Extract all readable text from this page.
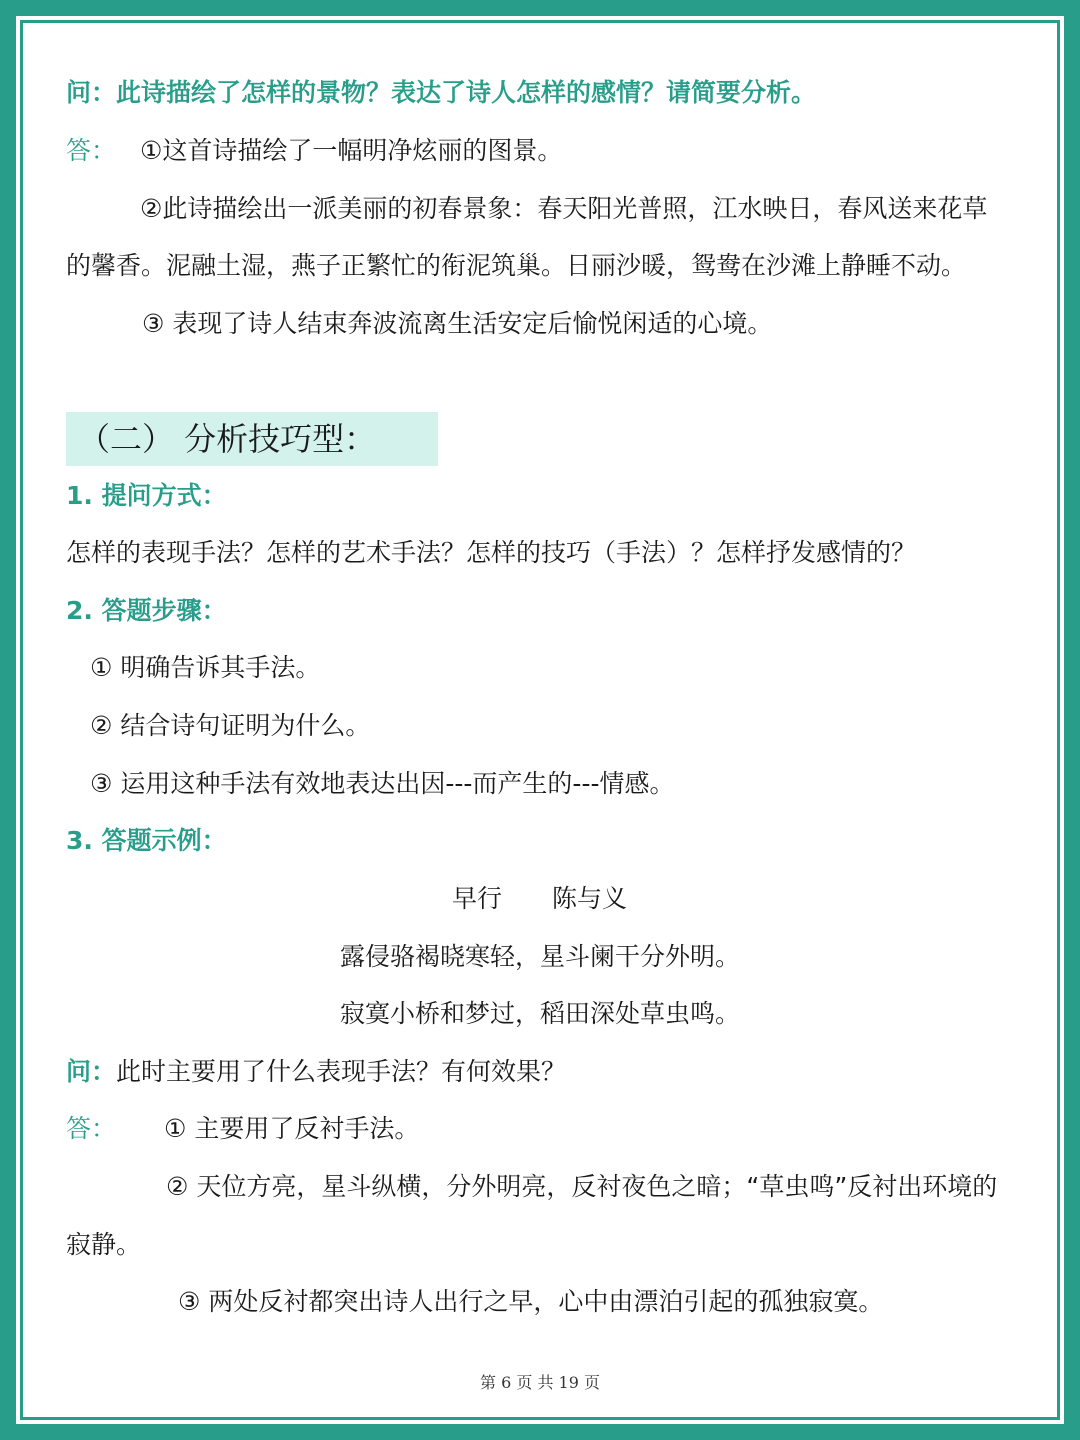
问：此诗描绘了怎样的景物？表达了诗人怎样的感情？请简要分析。
答： ①这首诗描绘了一幅明净炫丽的图景。
②此诗描绘出一派美丽的初春景象：春天阳光普照，江水映日，春风送来花草
的馨香。泥融土湿，燕子正繁忙的衔泥筑巢。日丽沙暖，鸳鸯在沙滩上静睡不动。
③ 表现了诗人结束奔波流离生活安定后愉悦闲适的心境。
（二） 分析技巧型：
1. 提问方式：
怎样的表现手法？怎样的艺术手法？怎样的技巧（手法）？怎样抒发感情的？
2. 答题步骤：
① 明确告诉其手法。
② 结合诗句证明为什么。
③ 运用这种手法有效地表达出因---而产生的---情感。
3. 答题示例：
早行 陈与义
露侵骆褐晓寒轻，星斗阑干分外明。
寂寞小桥和梦过，稻田深处草虫鸣。
问：此时主要用了什么表现手法？有何效果？
答： ① 主要用了反衬手法。
② 天位方亮，星斗纵横，分外明亮，反衬夜色之暗；“草虫鸣”反衬出环境的
寂静。
③ 两处反衬都突出诗人出行之早，心中由漂泊引起的孤独寂寞。
第 6 页 共 19 页
